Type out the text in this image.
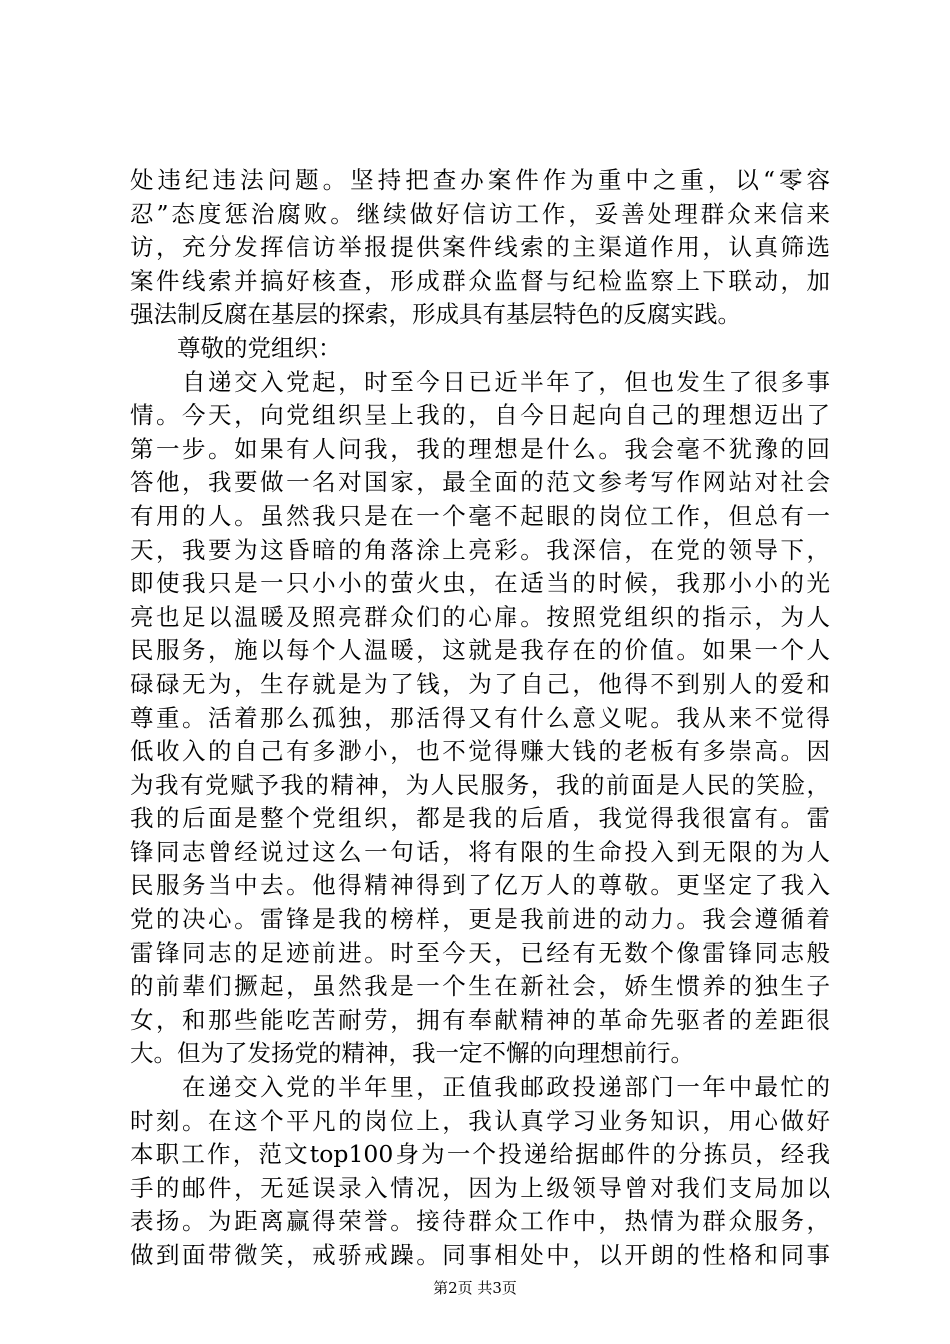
处违纪违法问题。坚持把查办案件作为重中之重，以“零容
忍”态度惩治腐败。继续做好信访工作，妥善处理群众来信来
访，充分发挥信访举报提供案件线索的主渠道作用，认真筛选
案件线索并搞好核查，形成群众监督与纪检监察上下联动，加
强法制反腐在基层的探索，形成具有基层特色的反腐实践。
　　尊敬的党组织：
　　自递交入党起，时至今日已近半年了，但也发生了很多事
情。今天，向党组织呈上我的，自今日起向自己的理想迈出了
第一步。如果有人问我，我的理想是什么。我会毫不犹豫的回
答他，我要做一名对国家，最全面的范文参考写作网站对社会
有用的人。虽然我只是在一个毫不起眼的岗位工作，但总有一
天，我要为这昏暗的角落涂上亮彩。我深信，在党的领导下，
即使我只是一只小小的萤火虫，在适当的时候，我那小小的光
亮也足以温暖及照亮群众们的心扉。按照党组织的指示，为人
民服务，施以每个人温暖，这就是我存在的价值。如果一个人
碌碌无为，生存就是为了钱，为了自己，他得不到别人的爱和
尊重。活着那么孤独，那活得又有什么意义呢。我从来不觉得
低收入的自己有多渺小，也不觉得赚大钱的老板有多崇高。因
为我有党赋予我的精神，为人民服务，我的前面是人民的笑脸，
我的后面是整个党组织，都是我的后盾，我觉得我很富有。雷
锋同志曾经说过这么一句话，将有限的生命投入到无限的为人
民服务当中去。他得精神得到了亿万人的尊敬。更坚定了我入
党的决心。雷锋是我的榜样，更是我前进的动力。我会遵循着
雷锋同志的足迹前进。时至今天，已经有无数个像雷锋同志般
的前辈们撅起，虽然我是一个生在新社会，娇生惯养的独生子
女，和那些能吃苦耐劳，拥有奉献精神的革命先驱者的差距很
大。但为了发扬党的精神，我一定不懈的向理想前行。
　　在递交入党的半年里，正值我邮政投递部门一年中最忙的
时刻。在这个平凡的岗位上，我认真学习业务知识，用心做好
本职工作，范文top100身为一个投递给据邮件的分拣员，经我
手的邮件，无延误录入情况，因为上级领导曾对我们支局加以
表扬。为距离赢得荣誉。接待群众工作中，热情为群众服务，
做到面带微笑，戒骄戒躁。同事相处中，以开朗的性格和同事
第2页 共3页
